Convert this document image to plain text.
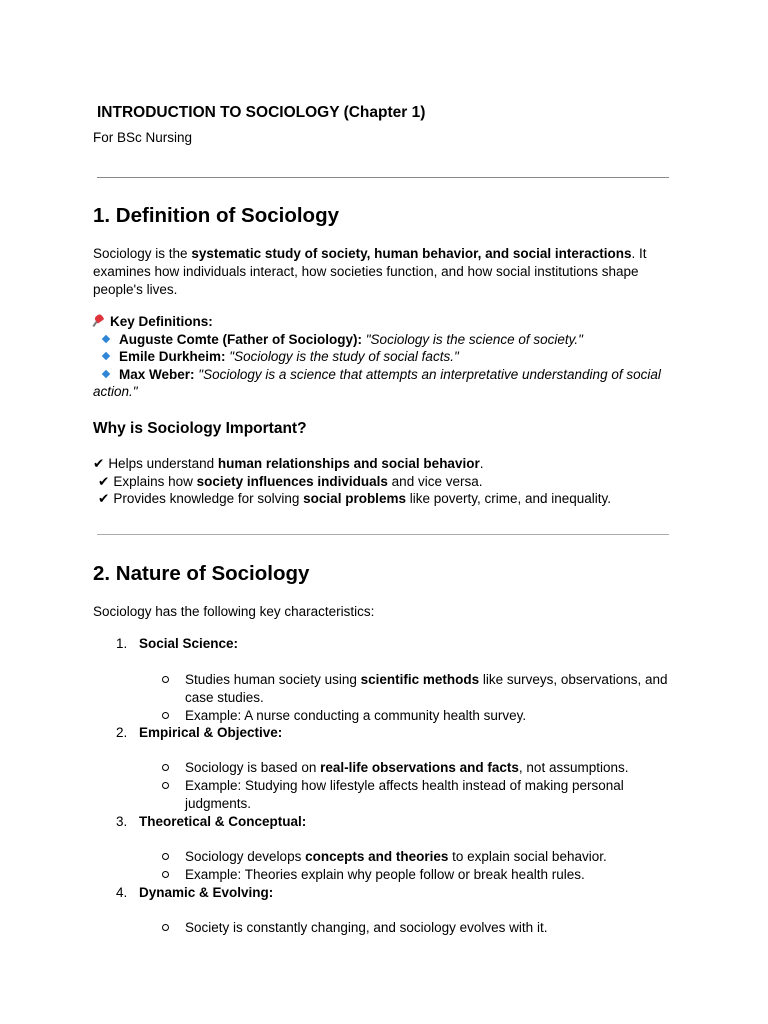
INTRODUCTION TO SOCIOLOGY (Chapter 1)

For BSc Nursing

1. Definition of Sociology

Sociology is the systematic study of society, human behavior, and social interactions. It examines how individuals interact, how societies function, and how social institutions shape people's lives.

Key Definitions:
Auguste Comte (Father of Sociology): "Sociology is the science of society."
Emile Durkheim: "Sociology is the study of social facts."
Max Weber: "Sociology is a science that attempts an interpretative understanding of social action."
Why is Sociology Important?
✔ Helps understand human relationships and social behavior.
✔ Explains how society influences individuals and vice versa.
✔ Provides knowledge for solving social problems like poverty, crime, and inequality.
2. Nature of Sociology

Sociology has the following key characteristics:

1. Social Science:
Studies human society using scientific methods like surveys, observations, and case studies.
Example: A nurse conducting a community health survey.
2. Empirical & Objective:
Sociology is based on real-life observations and facts, not assumptions.
Example: Studying how lifestyle affects health instead of making personal judgments.
3. Theoretical & Conceptual:
Sociology develops concepts and theories to explain social behavior.
Example: Theories explain why people follow or break health rules.
4. Dynamic & Evolving:
Society is constantly changing, and sociology evolves with it.
